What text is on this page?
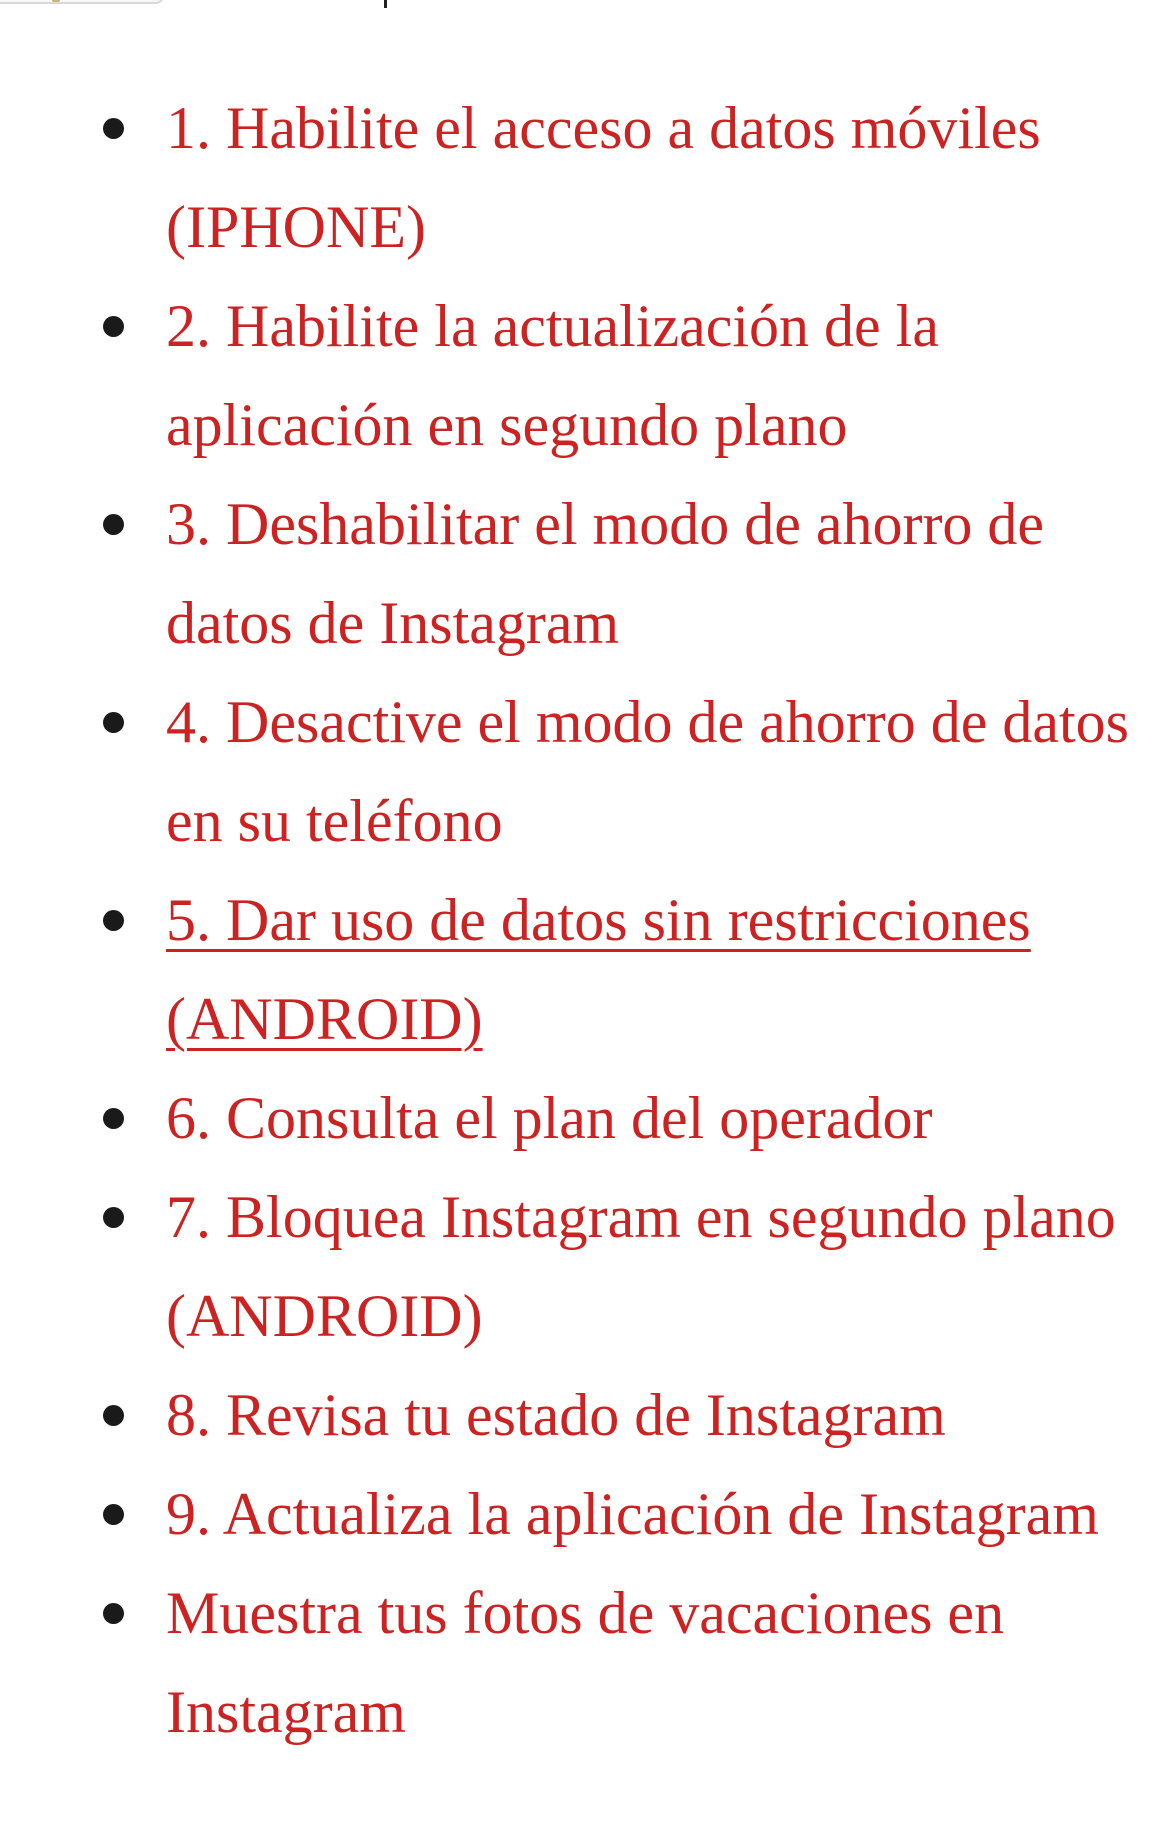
1. Habilite el acceso a datos móviles (IPHONE)
2. Habilite la actualización de la aplicación en segundo plano
3. Deshabilitar el modo de ahorro de datos de Instagram
4. Desactive el modo de ahorro de datos en su teléfono
5. Dar uso de datos sin restricciones (ANDROID)
6. Consulta el plan del operador
7. Bloquea Instagram en segundo plano (ANDROID)
8. Revisa tu estado de Instagram
9. Actualiza la aplicación de Instagram
Muestra tus fotos de vacaciones en Instagram
